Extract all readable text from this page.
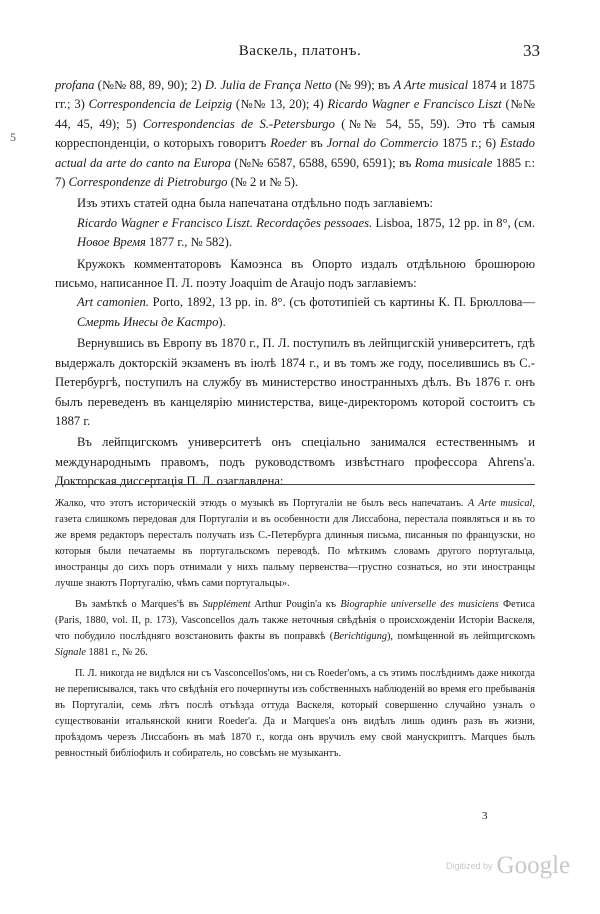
Васкель, платонъ.	33
5

profana (№№ 88, 89, 90); 2) D. Julia de França Netto (№ 99); въ A Arte musical 1874 и 1875 гг.; 3) Correspondencia de Leipzig (№№ 13, 20); 4) Ricardo Wagner e Francisco Liszt (№№ 44, 45, 49); 5) Correspondencias de S.-Petersburgo (№№ 54, 55, 59). Это тѣ самыя корреспонденціи, о которыхъ говоритъ Roeder въ Jornal do Commercio 1875 г.; 6) Estado actual da arte do canto na Europa (№№ 6587, 6588, 6590, 6591); въ Roma musicale 1885 г.: 7) Correspondenze di Pietroburgo (№ 2 и № 5).

Изъ этихъ статей одна была напечатана отдѣльно подъ заглавіемъ:

Ricardo Wagner e Francisco Liszt. Recordações pessoaes. Lisboa, 1875, 12 pp. in 8°, (см. Новое Время 1877 г., № 582).

Кружокъ комментаторовъ Камоэнса въ Опорто издалъ отдѣльною брошюрою письмо, написанное П. Л. поэту Joaquim de Araujo подъ заглавіемъ:

Art camonien. Porto, 1892, 13 pp. in. 8°. (съ фототипіей съ картины К. П. Брюллова—Смерть Инесы де Кастро).

Вернувшись въ Европу въ 1870 г., П. Л. поступилъ въ лейпцигскій университетъ, гдѣ выдержалъ докторскій экзаменъ въ іюлѣ 1874 г., и въ томъ же году, поселившись въ С.-Петербургѣ, поступилъ на службу въ министерство иностранныхъ дѣлъ. Въ 1876 г. онъ былъ переведенъ въ канцелярію министерства, вице-директоромъ которой состоитъ съ 1887 г.

Въ лейпцигскомъ университетѣ онъ спеціально занимался естественнымъ и международнымъ правомъ, подъ руководствомъ извѣстнаго профессора Ahrens'а. Докторская диссертація П. Л. озаглавлена:

Жалко, что этотъ историческій этюдъ о музыкѣ въ Португаліи не былъ весь напечатанъ. A Arte musical, газета слишкомъ передовая для Португаліи и въ особенности для Лиссабона, перестала появляться и въ то же время редакторъ пересталъ получать изъ С.-Петербурга длинныя письма, писанныя по французски, но которыя были печатаемы въ португальскомъ переводѣ. По мѣткимъ словамъ другого португальца, иностранцы до сихъ поръ отнимали у нихъ пальму первенства—грустно сознаться, но эти иностранцы лучше знаютъ Португалію, чѣмъ сами португальцы».

Въ замѣткѣ о Marques'ѣ въ Supplément Arthur Pougin'а къ Biographie universelle des musiciens Фетиса (Paris, 1880, vol. II, p. 173), Vasconcellos далъ также неточныя свѣдѣнія о происхожденіи Исторіи Васкеля, что побудило послѣдняго возстановить факты въ поправкѣ (Berichtigung), помѣщенной въ лейпцигскомъ Signale 1881 г., № 26.

П. Л. никогда не видѣлся ни съ Vasconcellos'омъ, ни съ Roeder'омъ, а съ этимъ послѣднимъ даже никогда не переписывался, такъ что свѣдѣнія его почерпнуты изъ собственныхъ наблюденій во время его пребыванія въ Португаліи, семь лѣтъ послѣ отъѣзда оттуда Васкеля, который совершенно случайно узналъ о существованіи итальянской книги Roeder'а. Да и Marques'а онъ видѣлъ лишь одинъ разъ въ жизни, проѣздомъ черезъ Лиссабонъ въ маѣ 1870 г., когда онъ вручилъ ему свой манускриптъ. Marques былъ ревностный библіофилъ и собиратель, но совсѣмъ не музыкантъ.

3
$^{Digitized by}$ Google
